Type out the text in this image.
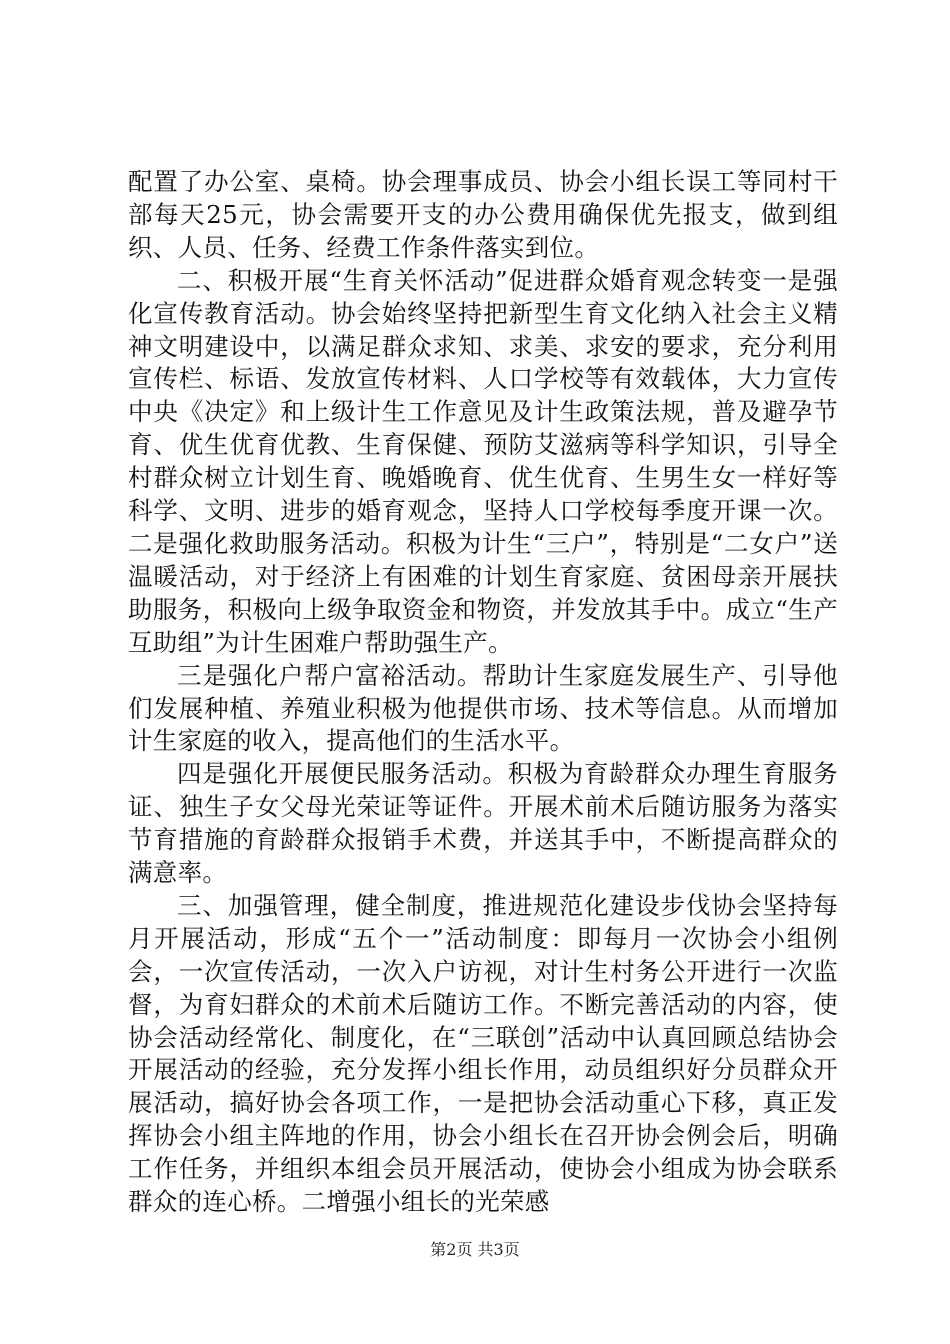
配置了办公室、桌椅。协会理事成员、协会小组长误工等同村干部每天25元，协会需要开支的办公费用确保优先报支，做到组织、人员、任务、经费工作条件落实到位。

二、积极开展“生育关怀活动”促进群众婚育观念转变一是强化宣传教育活动。协会始终坚持把新型生育文化纳入社会主义精神文明建设中，以满足群众求知、求美、求安的要求，充分利用宣传栏、标语、发放宣传材料、人口学校等有效载体，大力宣传中央《决定》和上级计生工作意见及计生政策法规，普及避孕节育、优生优育优教、生育保健、预防艾滋病等科学知识，引导全村群众树立计划生育、晚婚晚育、优生优育、生男生女一样好等科学、文明、进步的婚育观念，坚持人口学校每季度开课一次。二是强化救助服务活动。积极为计生“三户”，特别是“二女户”送温暖活动，对于经济上有困难的计划生育家庭、贫困母亲开展扶助服务，积极向上级争取资金和物资，并发放其手中。成立“生产互助组”为计生困难户帮助强生产。

三是强化户帮户富裕活动。帮助计生家庭发展生产、引导他们发展种植、养殖业积极为他提供市场、技术等信息。从而增加计生家庭的收入，提高他们的生活水平。

四是强化开展便民服务活动。积极为育龄群众办理生育服务证、独生子女父母光荣证等证件。开展术前术后随访服务为落实节育措施的育龄群众报销手术费，并送其手中，不断提高群众的满意率。

三、加强管理，健全制度，推进规范化建设步伐协会坚持每月开展活动，形成“五个一”活动制度：即每月一次协会小组例会，一次宣传活动，一次入户访视，对计生村务公开进行一次监督，为育妇群众的术前术后随访工作。不断完善活动的内容，使协会活动经常化、制度化，在“三联创”活动中认真回顾总结协会开展活动的经验，充分发挥小组长作用，动员组织好分员群众开展活动，搞好协会各项工作，一是把协会活动重心下移，真正发挥协会小组主阵地的作用，协会小组长在召开协会例会后，明确工作任务，并组织本组会员开展活动，使协会小组成为协会联系群众的连心桥。二增强小组长的光荣感

第2页 共3页
